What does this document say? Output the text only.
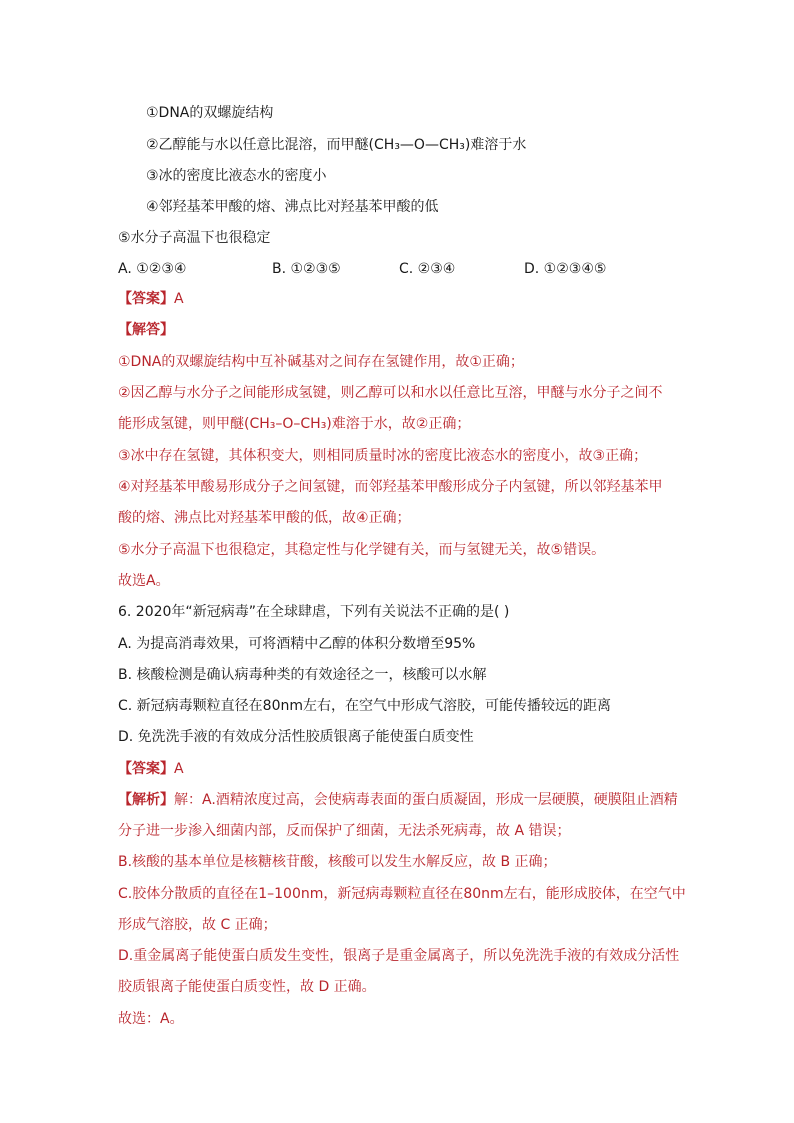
①DNA的双螺旋结构
②乙醇能与水以任意比混溶，而甲醚(CH₃—O—CH₃)难溶于水
③冰的密度比液态水的密度小
④邻羟基苯甲酸的熔、沸点比对羟基苯甲酸的低
⑤水分子高温下也很稳定
A. ①②③④	B. ①②③⑤	C. ②③④	D. ①②③④⑤
【答案】A
【解答】
①DNA的双螺旋结构中互补碱基对之间存在氢键作用，故①正确；
②因乙醇与水分子之间能形成氢键，则乙醇可以和水以任意比互溶，甲醚与水分子之间不
能形成氢键，则甲醚(CH₃–O–CH₃)难溶于水，故②正确；
③冰中存在氢键，其体积变大，则相同质量时冰的密度比液态水的密度小，故③正确；
④对羟基苯甲酸易形成分子之间氢键，而邻羟基苯甲酸形成分子内氢键，所以邻羟基苯甲
酸的熔、沸点比对羟基苯甲酸的低，故④正确；
⑤水分子高温下也很稳定，其稳定性与化学键有关，而与氢键无关，故⑤错误。
故选A。
6. 2020年“新冠病毒”在全球肆虐，下列有关说法不正确的是( )
A. 为提高消毒效果，可将酒精中乙醇的体积分数增至95%
B. 核酸检测是确认病毒种类的有效途径之一，核酸可以水解
C. 新冠病毒颗粒直径在80nm左右，在空气中形成气溶胶，可能传播较远的距离
D. 免洗洗手液的有效成分活性胶质银离子能使蛋白质变性
【答案】A
【解析】解：A.酒精浓度过高，会使病毒表面的蛋白质凝固，形成一层硬膜，硬膜阻止酒精
分子进一步渗入细菌内部，反而保护了细菌，无法杀死病毒，故 A 错误；
B.核酸的基本单位是核糖核苷酸，核酸可以发生水解反应，故 B 正确；
C.胶体分散质的直径在1–100nm，新冠病毒颗粒直径在80nm左右，能形成胶体，在空气中
形成气溶胶，故 C 正确；
D.重金属离子能使蛋白质发生变性，银离子是重金属离子，所以免洗洗手液的有效成分活性
胶质银离子能使蛋白质变性，故 D 正确。
故选：A。
